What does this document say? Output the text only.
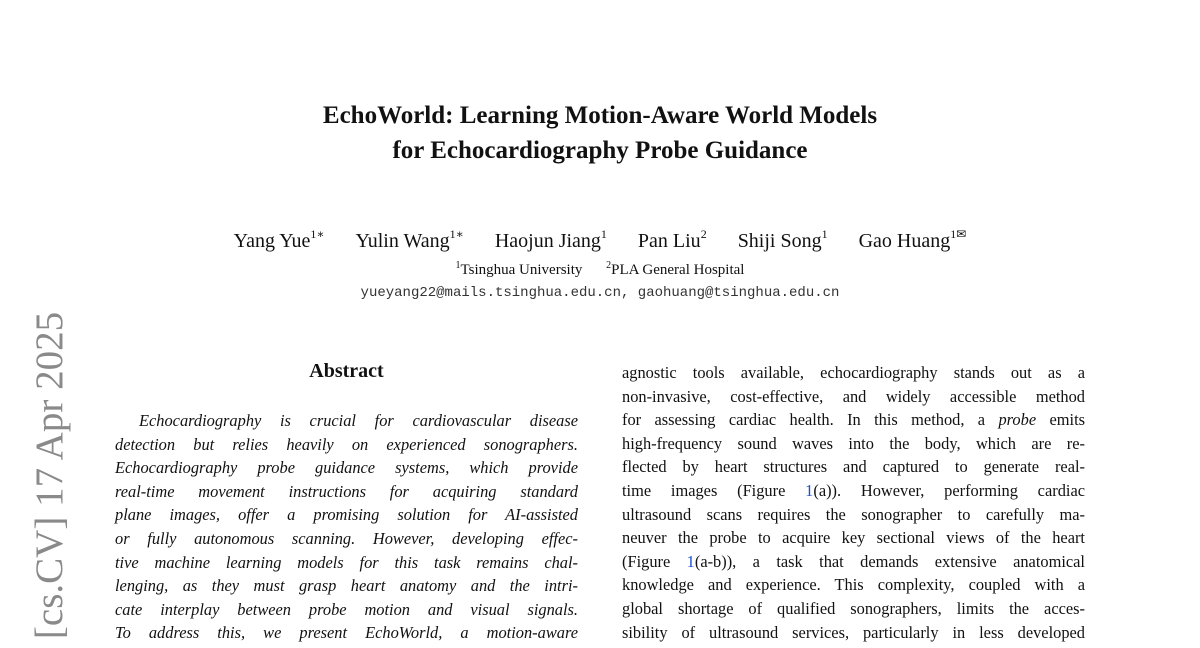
[cs.CV] 17 Apr 2025
EchoWorld: Learning Motion-Aware World Models
for Echocardiography Probe Guidance
Yang Yue$^{1∗}$ Yulin Wang$^{1∗}$ Haojun Jiang$^1$ Pan Liu$^2$ Shiji Song$^1$ Gao Huang$^{1✉}$
$^1$Tsinghua University $^2$PLA General Hospital
yueyang22@mails.tsinghua.edu.cn, gaohuang@tsinghua.edu.cn
Abstract
Echocardiography is crucial for cardiovascular disease
detection but relies heavily on experienced sonographers.
Echocardiography probe guidance systems, which provide
real-time movement instructions for acquiring standard
plane images, offer a promising solution for AI-assisted
or fully autonomous scanning. However, developing effec-
tive machine learning models for this task remains chal-
lenging, as they must grasp heart anatomy and the intri-
cate interplay between probe motion and visual signals.
To address this, we present EchoWorld, a motion-aware
agnostic tools available, echocardiography stands out as a
non-invasive, cost-effective, and widely accessible method
for assessing cardiac health. In this method, a probe emits
high-frequency sound waves into the body, which are re-
flected by heart structures and captured to generate real-
time images (Figure 1(a)). However, performing cardiac
ultrasound scans requires the sonographer to carefully ma-
neuver the probe to acquire key sectional views of the heart
(Figure 1(a-b)), a task that demands extensive anatomical
knowledge and experience. This complexity, coupled with a
global shortage of qualified sonographers, limits the acces-
sibility of ultrasound services, particularly in less developed
